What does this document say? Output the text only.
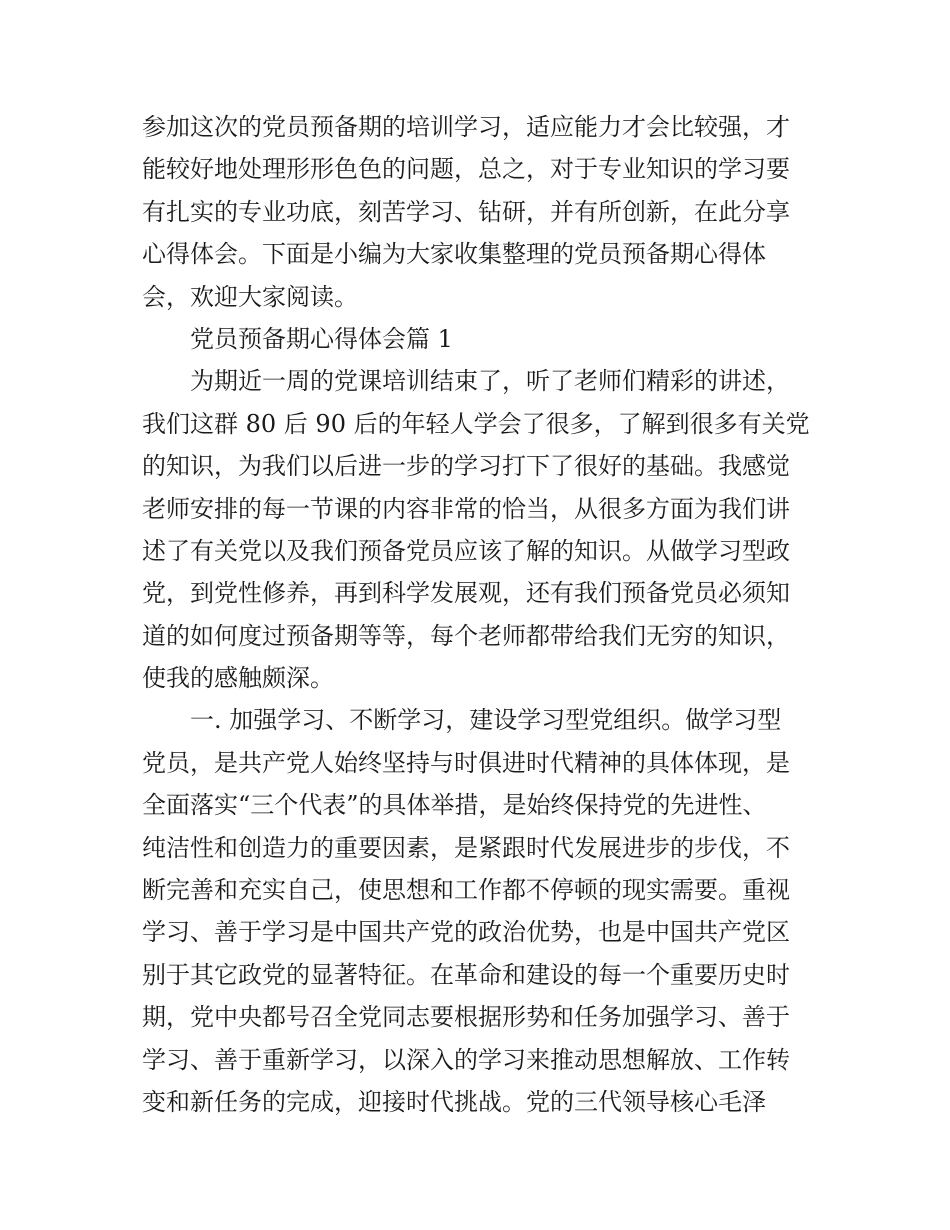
参加这次的党员预备期的培训学习，适应能力才会比较强，才
能较好地处理形形色色的问题，总之，对于专业知识的学习要
有扎实的专业功底，刻苦学习、钻研，并有所创新，在此分享
心得体会。下面是小编为大家收集整理的党员预备期心得体
会，欢迎大家阅读。
党员预备期心得体会篇 1
为期近一周的党课培训结束了，听了老师们精彩的讲述，
我们这群 80 后 90 后的年轻人学会了很多，了解到很多有关党
的知识，为我们以后进一步的学习打下了很好的基础。我感觉
老师安排的每一节课的内容非常的恰当，从很多方面为我们讲
述了有关党以及我们预备党员应该了解的知识。从做学习型政
党，到党性修养，再到科学发展观，还有我们预备党员必须知
道的如何度过预备期等等，每个老师都带给我们无穷的知识，
使我的感触颇深。
一. 加强学习、不断学习，建设学习型党组织。做学习型
党员，是共产党人始终坚持与时俱进时代精神的具体体现，是
全面落实“三个代表”的具体举措，是始终保持党的先进性、
纯洁性和创造力的重要因素，是紧跟时代发展进步的步伐，不
断完善和充实自己，使思想和工作都不停顿的现实需要。重视
学习、善于学习是中国共产党的政治优势，也是中国共产党区
别于其它政党的显著特征。在革命和建设的每一个重要历史时
期，党中央都号召全党同志要根据形势和任务加强学习、善于
学习、善于重新学习，以深入的学习来推动思想解放、工作转
变和新任务的完成，迎接时代挑战。党的三代领导核心毛泽
